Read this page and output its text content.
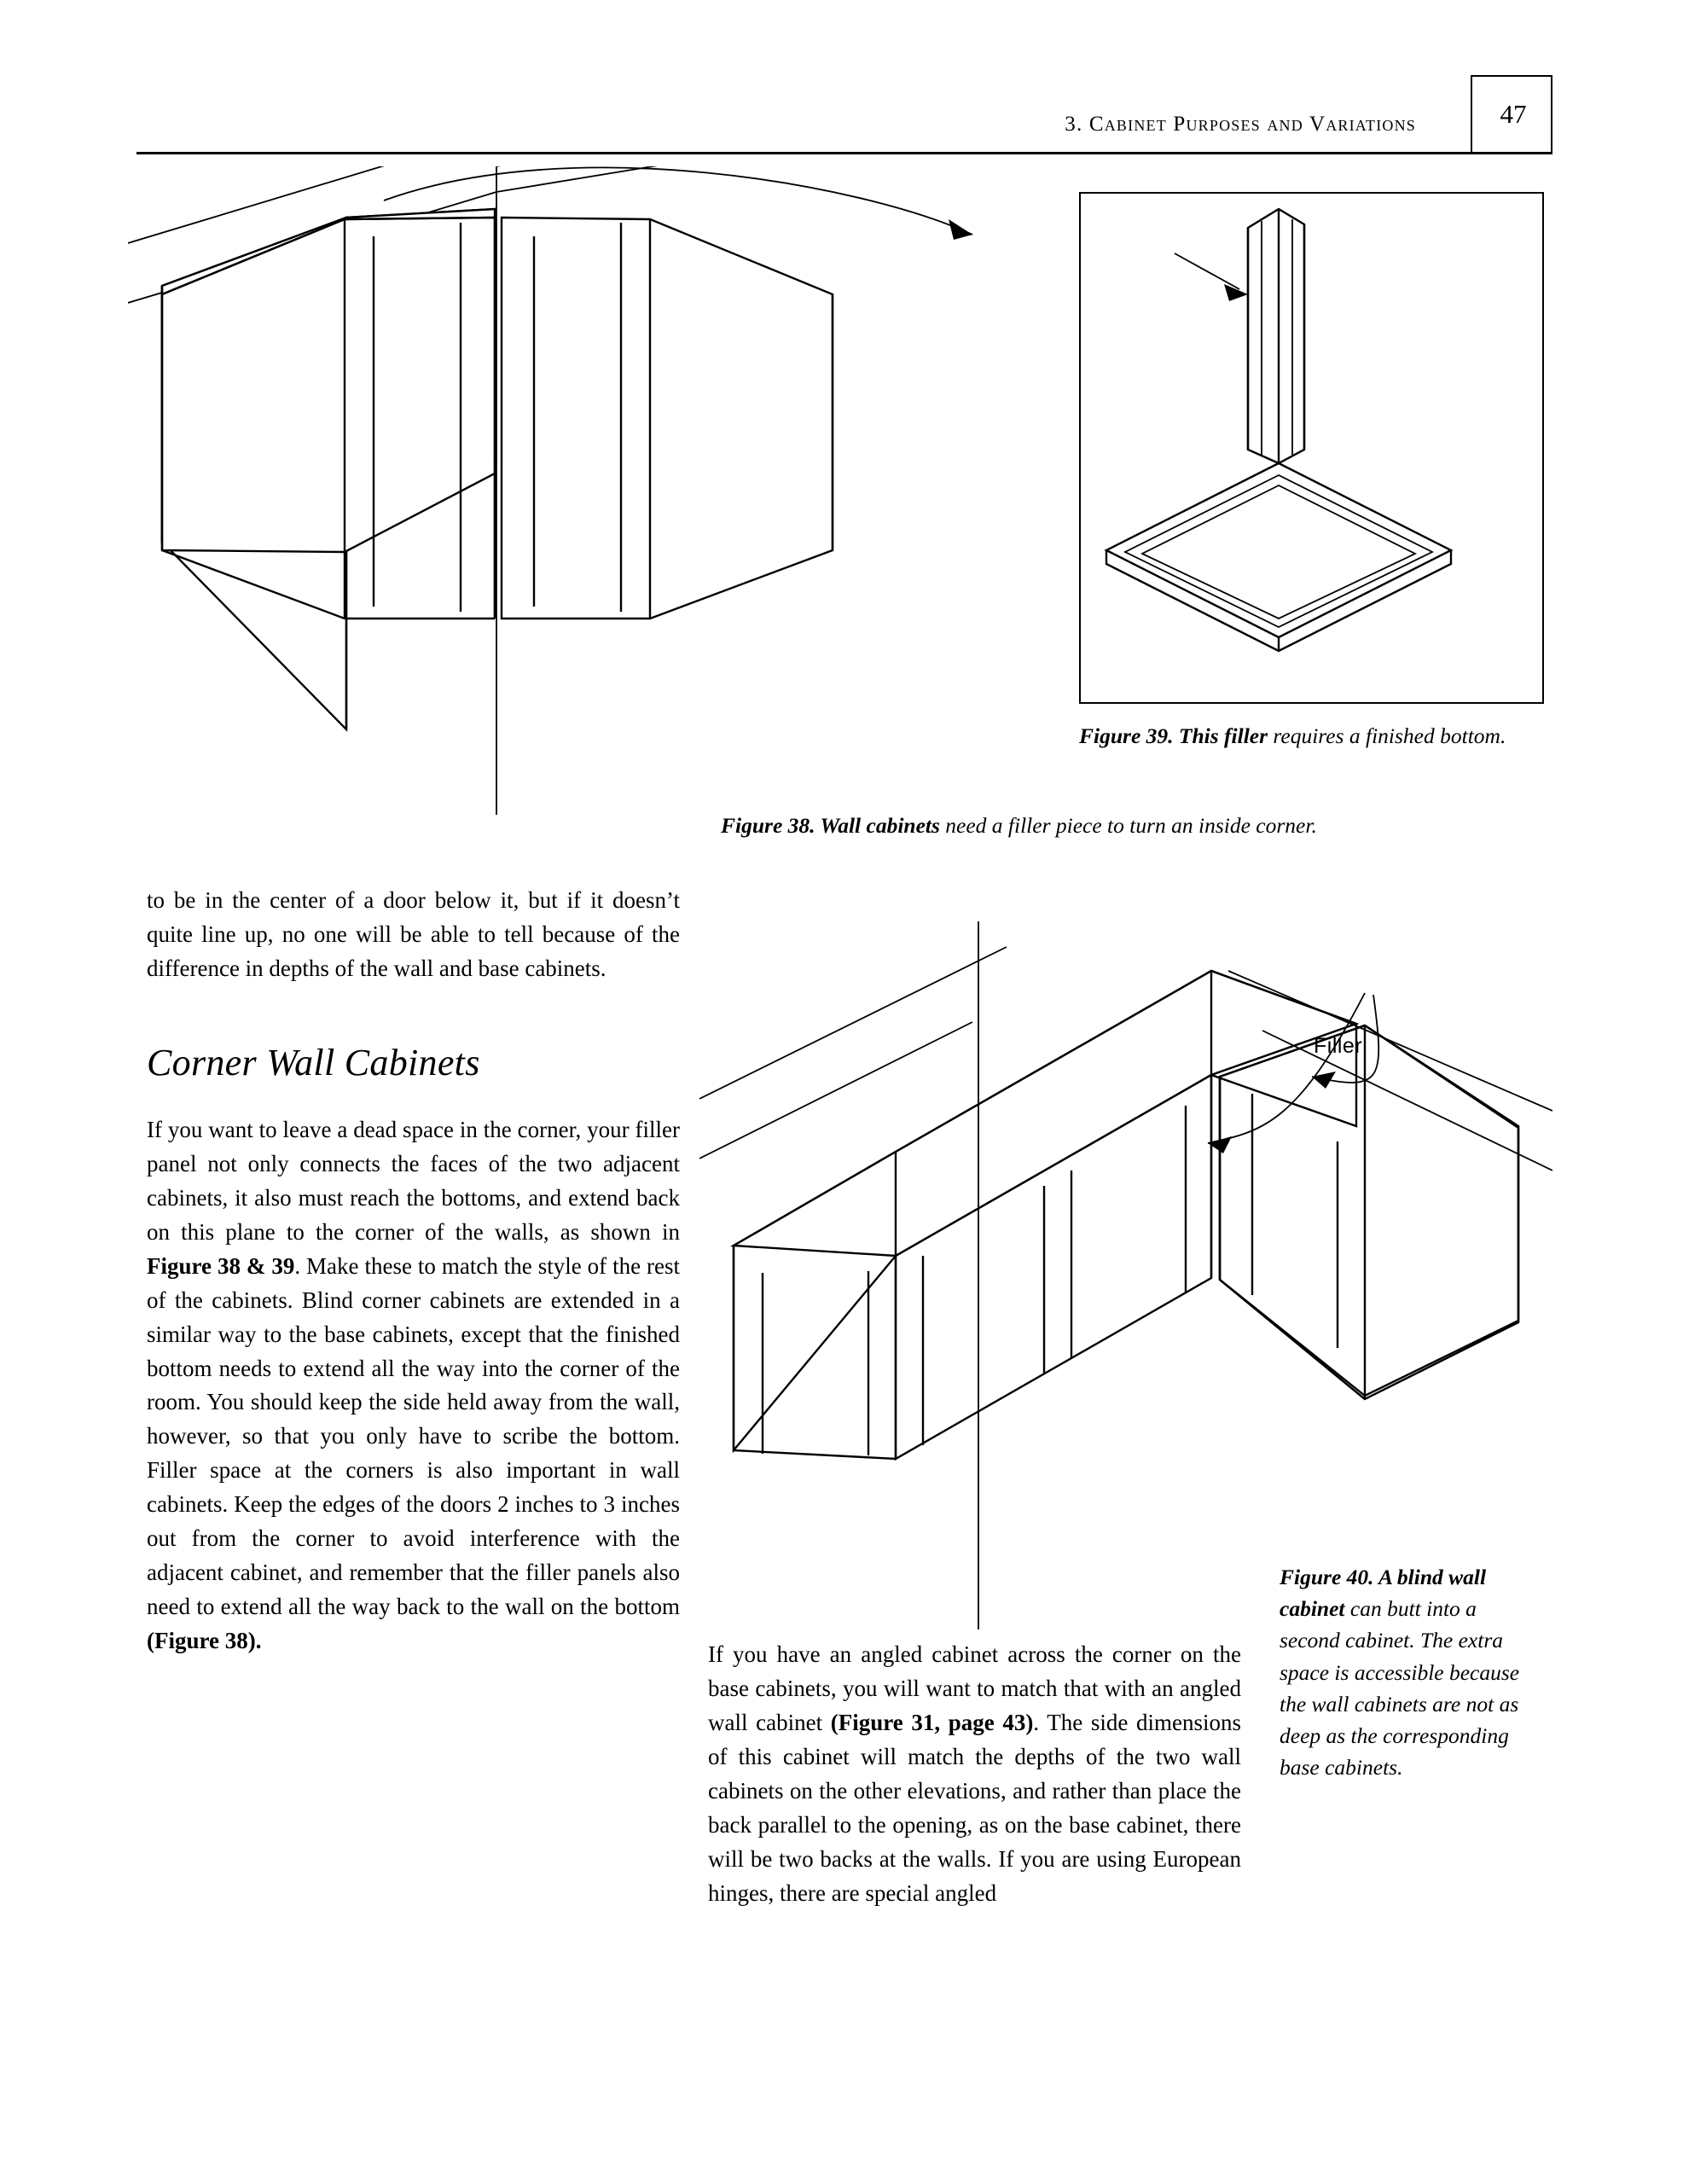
3. Cabinet Purposes and Variations	47
Figure 39. This filler requires a finished bottom.
Figure 38. Wall cabinets need a filler piece to turn an inside corner.

to be in the center of a door below it, but if it doesn’t quite line up, no one will be able to tell because of the difference in depths of the wall and base cabinets.

Corner Wall Cabinets

If you want to leave a dead space in the corner, your filler panel not only connects the faces of the two adjacent cabinets, it also must reach the bottoms, and extend back on this plane to the corner of the walls, as shown in Figure 38 & 39. Make these to match the style of the rest of the cabinets. Blind corner cabinets are extended in a similar way to the base cabinets, except that the finished bottom needs to extend all the way into the corner of the room. You should keep the side held away from the wall, however, so that you only have to scribe the bottom. Filler space at the corners is also important in wall cabinets. Keep the edges of the doors 2 inches to 3 inches out from the corner to avoid interference with the adjacent cabinet, and remember that the filler panels also need to extend all the way back to the wall on the bottom (Figure 38).

Filler
Figure 40. A blind wall cabinet can butt into a second cabinet. The extra space is accessible because the wall cabinets are not as deep as the corresponding base cabinets.

If you have an angled cabinet across the corner on the base cabinets, you will want to match that with an angled wall cabinet (Figure 31, page 43). The side dimensions of this cabinet will match the depths of the two wall cabinets on the other elevations, and rather than place the back parallel to the opening, as on the base cabinet, there will be two backs at the walls. If you are using European hinges, there are special angled
